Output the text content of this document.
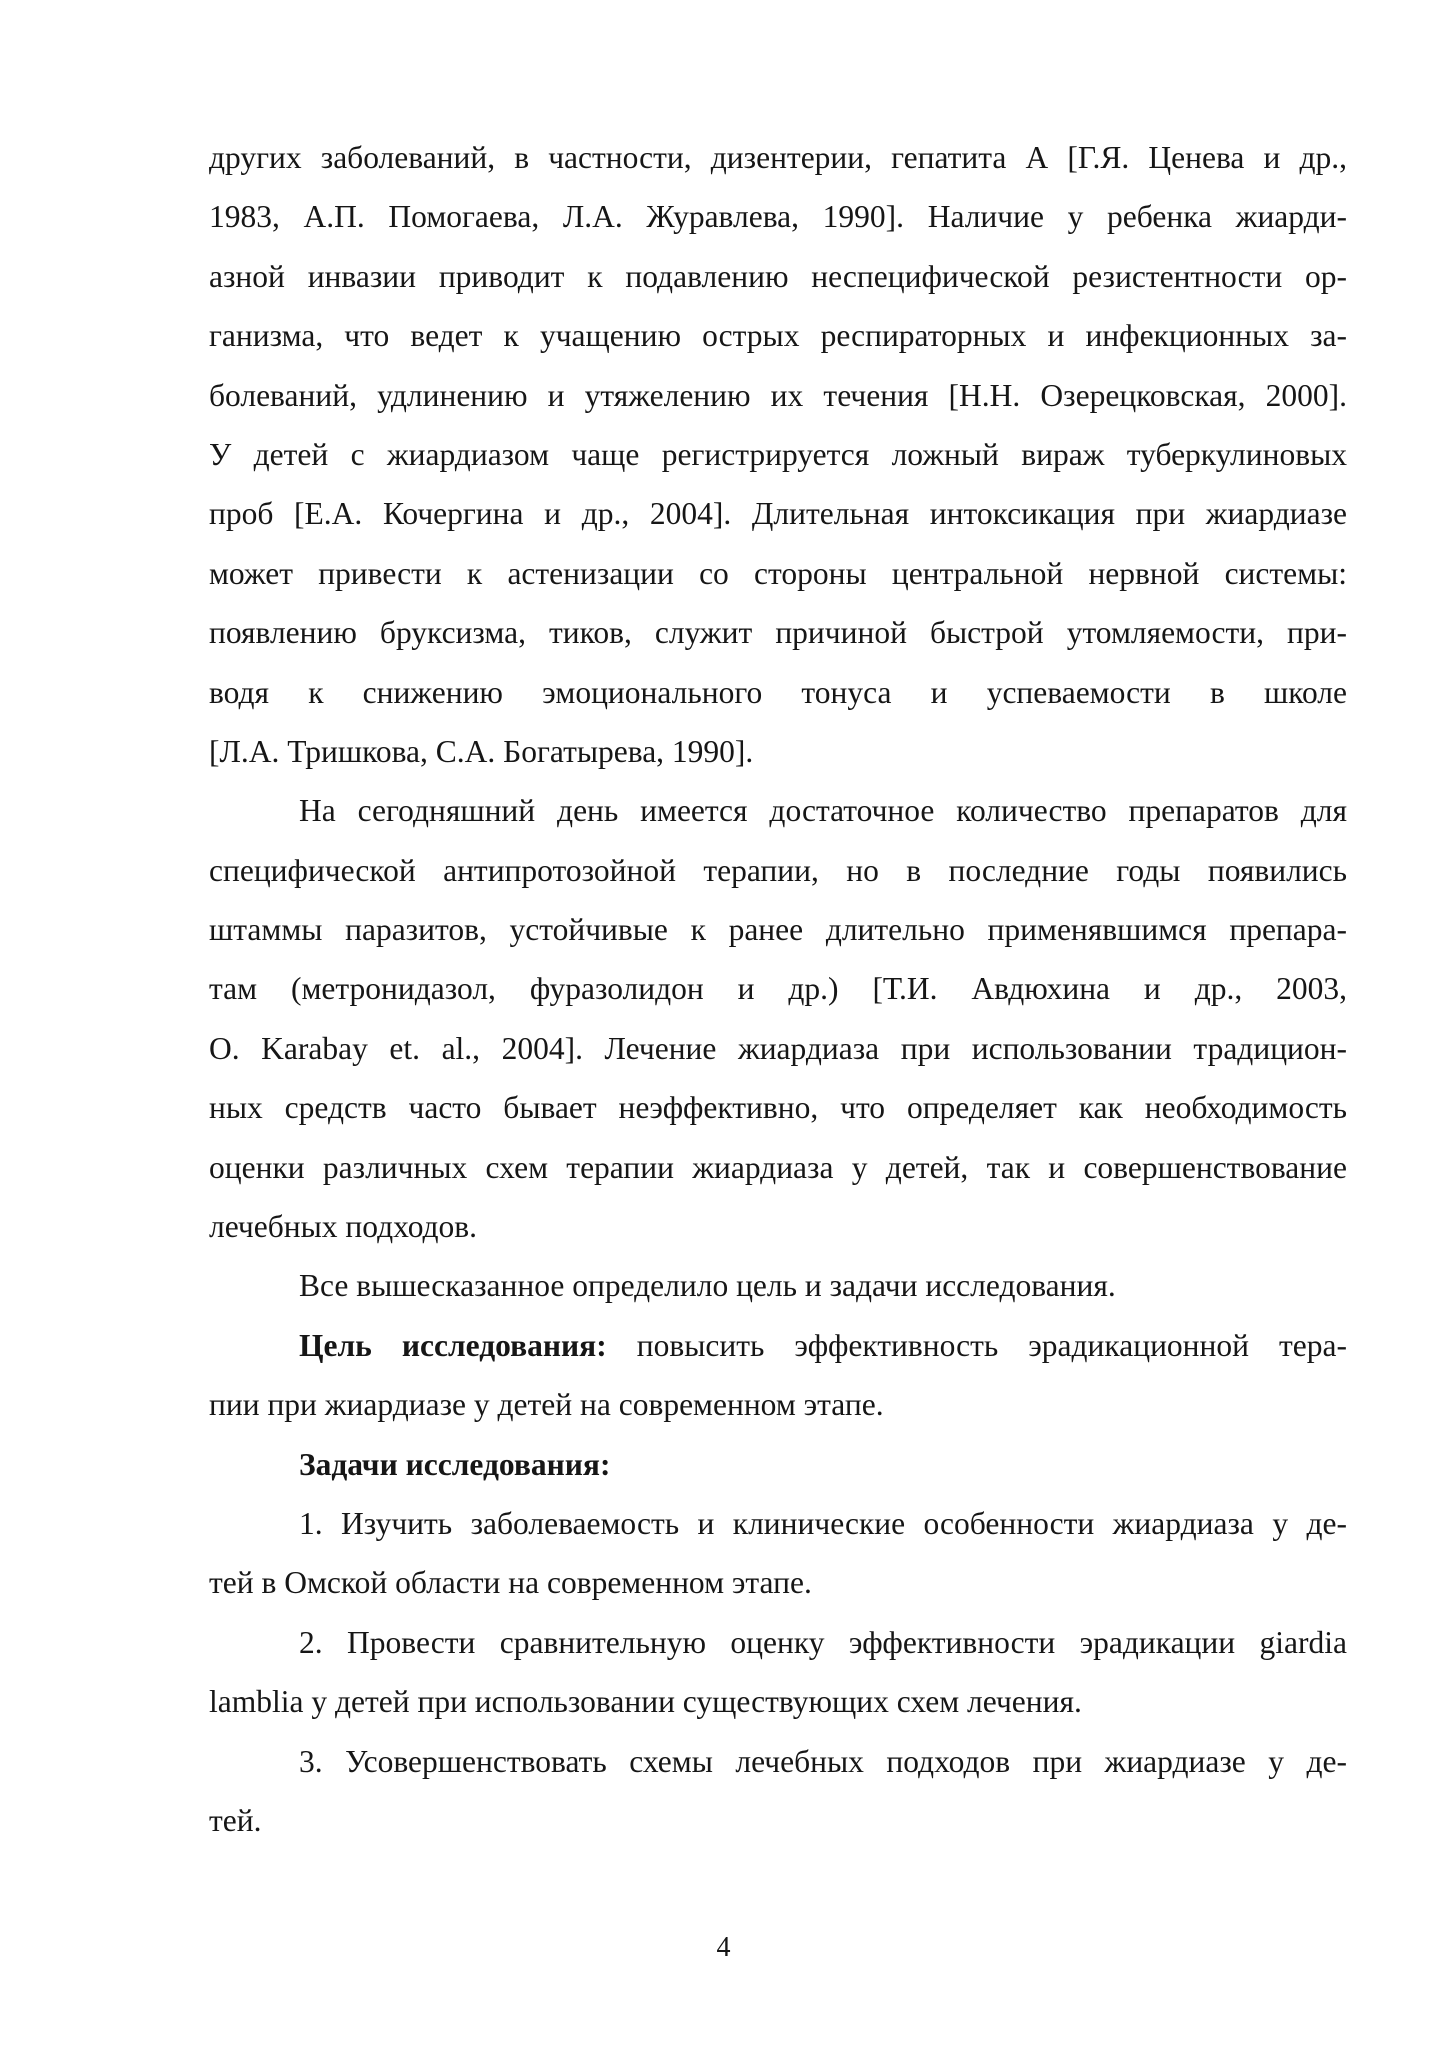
других заболеваний, в частности, дизентерии, гепатита А [Г.Я. Ценева и др.,
1983, А.П. Помогаева, Л.А. Журавлева, 1990]. Наличие у ребенка жиарди-
азной инвазии приводит к подавлению неспецифической резистентности ор-
ганизма, что ведет к учащению острых респираторных и инфекционных за-
болеваний, удлинению и утяжелению их течения [Н.Н. Озерецковская, 2000].
У детей с жиардиазом чаще регистрируется ложный вираж туберкулиновых
проб [Е.А. Кочергина и др., 2004]. Длительная интоксикация при жиардиазе
может привести к астенизации со стороны центральной нервной системы:
появлению бруксизма, тиков, служит причиной быстрой утомляемости, при-
водя к снижению эмоционального тонуса и успеваемости в школе
[Л.А. Тришкова, С.А. Богатырева, 1990].
На сегодняшний день имеется достаточное количество препаратов для
специфической антипротозойной терапии, но в последние годы появились
штаммы паразитов, устойчивые к ранее длительно применявшимся препара-
там (метронидазол, фуразолидон и др.) [Т.И. Авдюхина и др., 2003,
O. Karabay et. al., 2004]. Лечение жиардиаза при использовании традицион-
ных средств часто бывает неэффективно, что определяет как необходимость
оценки различных схем терапии жиардиаза у детей, так и совершенствование
лечебных подходов.
Все вышесказанное определило цель и задачи исследования.
Цель исследования: повысить эффективность эрадикационной тера-
пии при жиардиазе у детей на современном этапе.
Задачи исследования:
1. Изучить заболеваемость и клинические особенности жиардиаза у де-
тей в Омской области на современном этапе.
2. Провести сравнительную оценку эффективности эрадикации giardia
lamblia у детей при использовании существующих схем лечения.
3. Усовершенствовать схемы лечебных подходов при жиардиазе у де-
тей.
4
